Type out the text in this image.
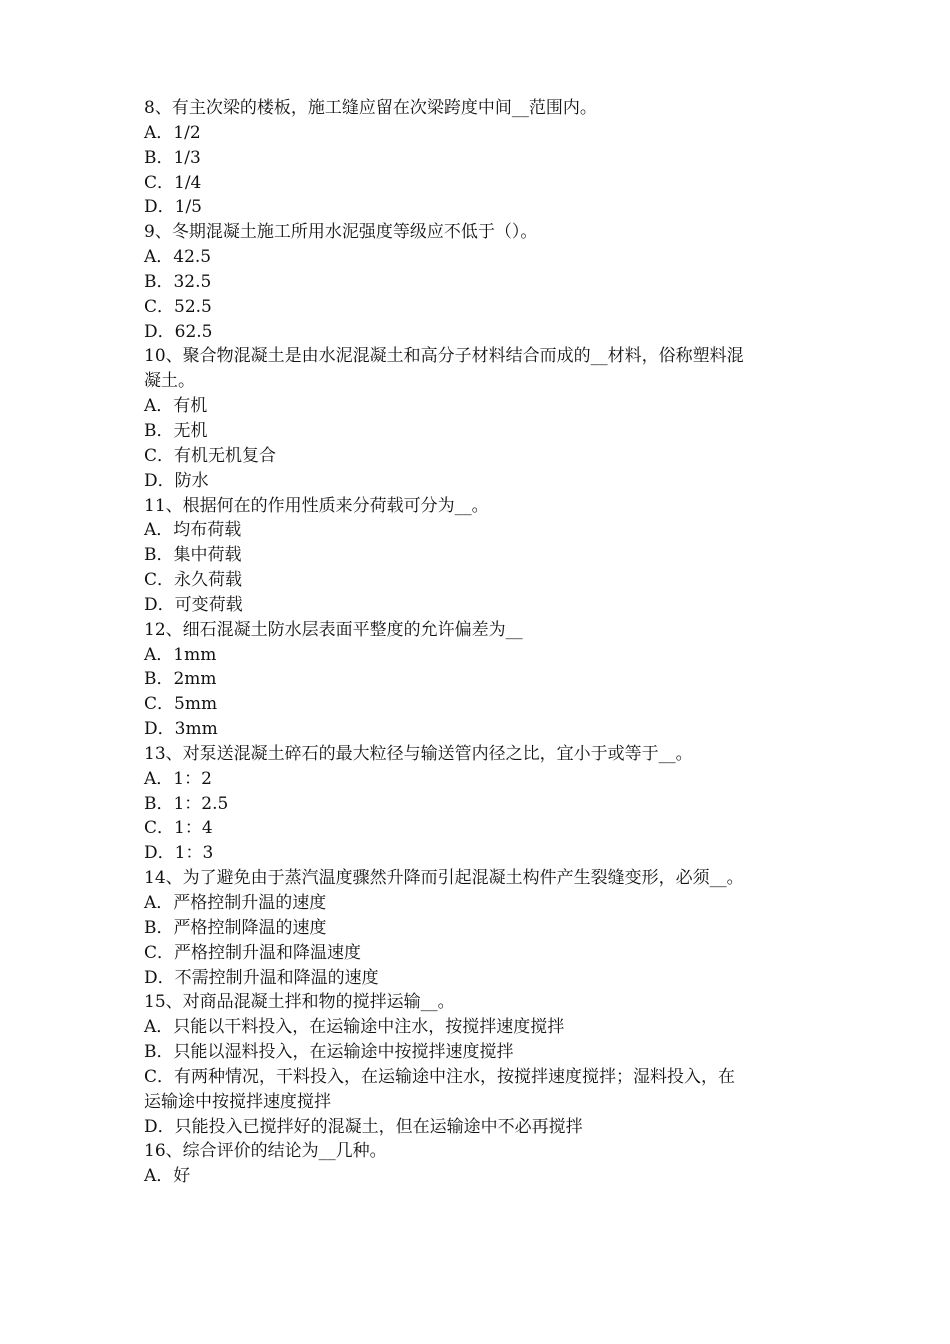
8、有主次梁的楼板，施工缝应留在次梁跨度中间__范围内。
A．1/2
B．1/3
C．1/4
D．1/5
9、冬期混凝土施工所用水泥强度等级应不低于（）。
A．42.5
B．32.5
C．52.5
D．62.5
10、聚合物混凝土是由水泥混凝土和高分子材料结合而成的__材料，俗称塑料混
凝土。
A．有机
B．无机
C．有机无机复合
D．防水
11、根据何在的作用性质来分荷载可分为__。
A．均布荷载
B．集中荷载
C．永久荷载
D．可变荷载
12、细石混凝土防水层表面平整度的允许偏差为__
A．1mm
B．2mm
C．5mm
D．3mm
13、对泵送混凝土碎石的最大粒径与输送管内径之比，宜小于或等于__。
A．1：2
B．1：2.5
C．1：4
D．1：3
14、为了避免由于蒸汽温度骤然升降而引起混凝土构件产生裂缝变形，必须__。
A．严格控制升温的速度
B．严格控制降温的速度
C．严格控制升温和降温速度
D．不需控制升温和降温的速度
15、对商品混凝土拌和物的搅拌运输__。
A．只能以干料投入，在运输途中注水，按搅拌速度搅拌
B．只能以湿料投入，在运输途中按搅拌速度搅拌
C．有两种情况，干料投入，在运输途中注水，按搅拌速度搅拌；湿料投入，在
运输途中按搅拌速度搅拌
D．只能投入已搅拌好的混凝土，但在运输途中不必再搅拌
16、综合评价的结论为__几种。
A．好
